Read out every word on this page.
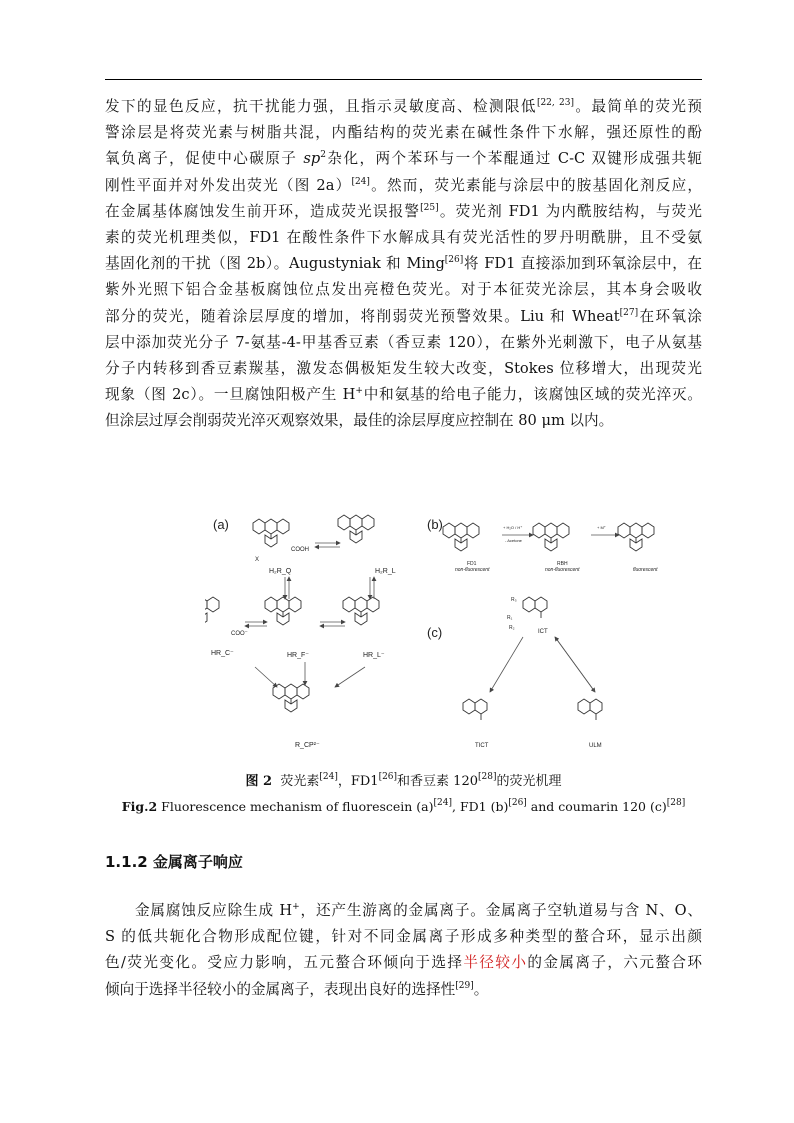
发下的显色反应，抗干扰能力强，且指示灵敏度高、检测限低[22, 23]。最简单的荧光预
警涂层是将荧光素与树脂共混，内酯结构的荧光素在碱性条件下水解，强还原性的酚
氧负离子，促使中心碳原子 $sp^2$杂化，两个苯环与一个苯醌通过 C-C 双键形成强共轭
刚性平面并对外发出荧光（图 2a）[24]。然而，荧光素能与涂层中的胺基固化剂反应，
在金属基体腐蚀发生前开环，造成荧光误报警[25]。荧光剂 FD1 为内酰胺结构，与荧光
素的荧光机理类似，FD1 在酸性条件下水解成具有荧光活性的罗丹明酰肼，且不受氨
基固化剂的干扰（图 2b）。Augustyniak 和 Ming[26]将 FD1 直接添加到环氧涂层中，在
紫外光照下铝合金基板腐蚀位点发出亮橙色荧光。对于本征荧光涂层，其本身会吸收
部分的荧光，随着涂层厚度的增加，将削弱荧光预警效果。Liu 和 Wheat[27]在环氧涂
层中添加荧光分子 7-氨基-4-甲基香豆素（香豆素 120），在紫外光刺激下，电子从氨基
分子内转移到香豆素羰基，激发态偶极矩发生较大改变，Stokes 位移增大，出现荧光
现象（图 2c）。一旦腐蚀阳极产生 H+中和氨基的给电子能力，该腐蚀区域的荧光淬灭。
但涂层过厚会削弱荧光淬灭观察效果，最佳的涂层厚度应控制在 80 μm 以内。
(a)
H₂R_Q
COOH
H₂R_L
HR_C⁻
COO⁻
HR_F⁻	HR_L⁻
R_CP²⁻
X
(b)
FD1
non-fluorescent
RBH
non-fluorescent	fluorescent
+ H₂O / H⁺
- Acetone
+ M⁺
(c)	ICT
R₁
R₂
R₃
TICT	ULM
图 2 荧光素[24]，FD1[26]和香豆素 120[28]的荧光机理
Fig.2 Fluorescence mechanism of fluorescein (a)[24], FD1 (b)[26] and coumarin 120 (c)[28]
1.1.2 金属离子响应
金属腐蚀反应除生成 H+，还产生游离的金属离子。金属离子空轨道易与含 N、O、
S 的低共轭化合物形成配位键，针对不同金属离子形成多种类型的螯合环，显示出颜
色/荧光变化。受应力影响，五元螯合环倾向于选择半径较小的金属离子，六元螯合环
倾向于选择半径较小的金属离子，表现出良好的选择性[29]。
